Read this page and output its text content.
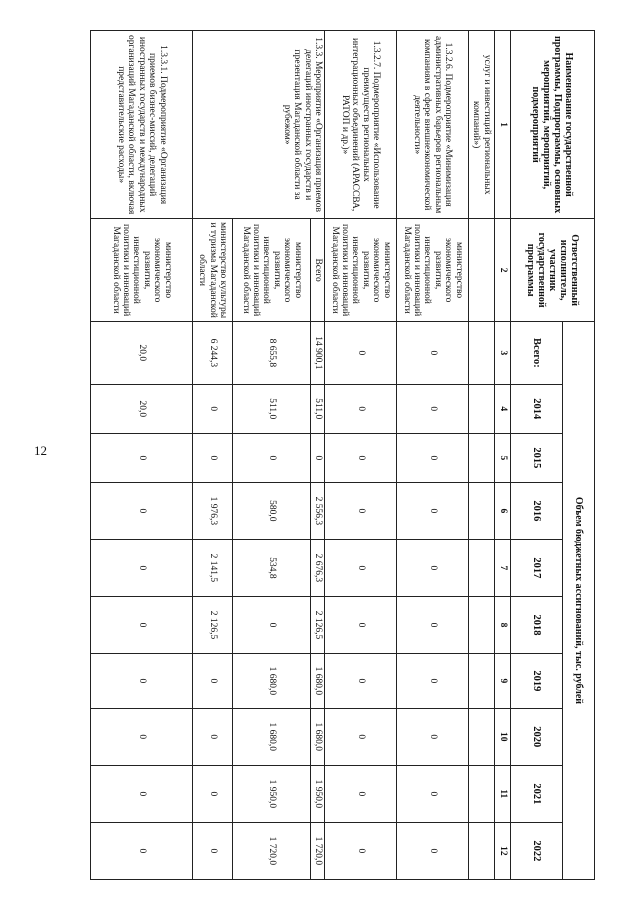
12
Наименование государственной программы, Подпрограммы, основных мероприятий, мероприятий, подмероприятий	Ответственный исполнитель, участник государственной программы	Объем бюджетных ассигнований, тыс. рублей									
		Всего:	2014	2015	2016	2017	2018	2019	2020	2021	2022
1	2	3	4	5	6	7	8	9	10	11	12
услуг и инвестиций региональных компаний»)											
1.3.2.6. Подмероприятие «Минимизация административных барьеров региональным компаниям в сфере внешнеэкономической деятельности»	министерство экономического развития, инвестиционной политики и инноваций Магаданской области	0	0	0	0	0	0	0	0	0	0
1.3.2.7. Подмероприятие «Использование преимуществ региональных интеграционных объединений (АРАССВА, РАТОП и др.)»	министерство экономического развития, инвестиционной политики и инноваций Магаданской области	0	0	0	0	0	0	0	0	0	0
1.3.3. Мероприятие «Организация приемов делегаций иностранных государств и презентация Магаданской области за рубежом»	Всего	14 900,1	511,0	0	2 556,3	2 676,3	2 126,5	1 680,0	1 680,0	1 950,0	1 720,0
	министерство экономического развития, инвестиционной политики и инноваций Магаданской области	8 655,8	511,0	0	580,0	534,8	0	1 680,0	1 680,0	1 950,0	1 720,0
	министерство культуры и туризма Магаданской области	6 244,3	0	0	1 976,3	2 141,5	2 126,5	0	0	0	0
1.3.3.1. Подмероприятие «Организация приемов бизнес-миссий, делегаций иностранных государств и международных организаций Магаданской области, включая представительские расходы»	министерство экономического развития, инвестиционной политики и инноваций Магаданской области	20,0	20,0	0	0	0	0	0	0	0	0
